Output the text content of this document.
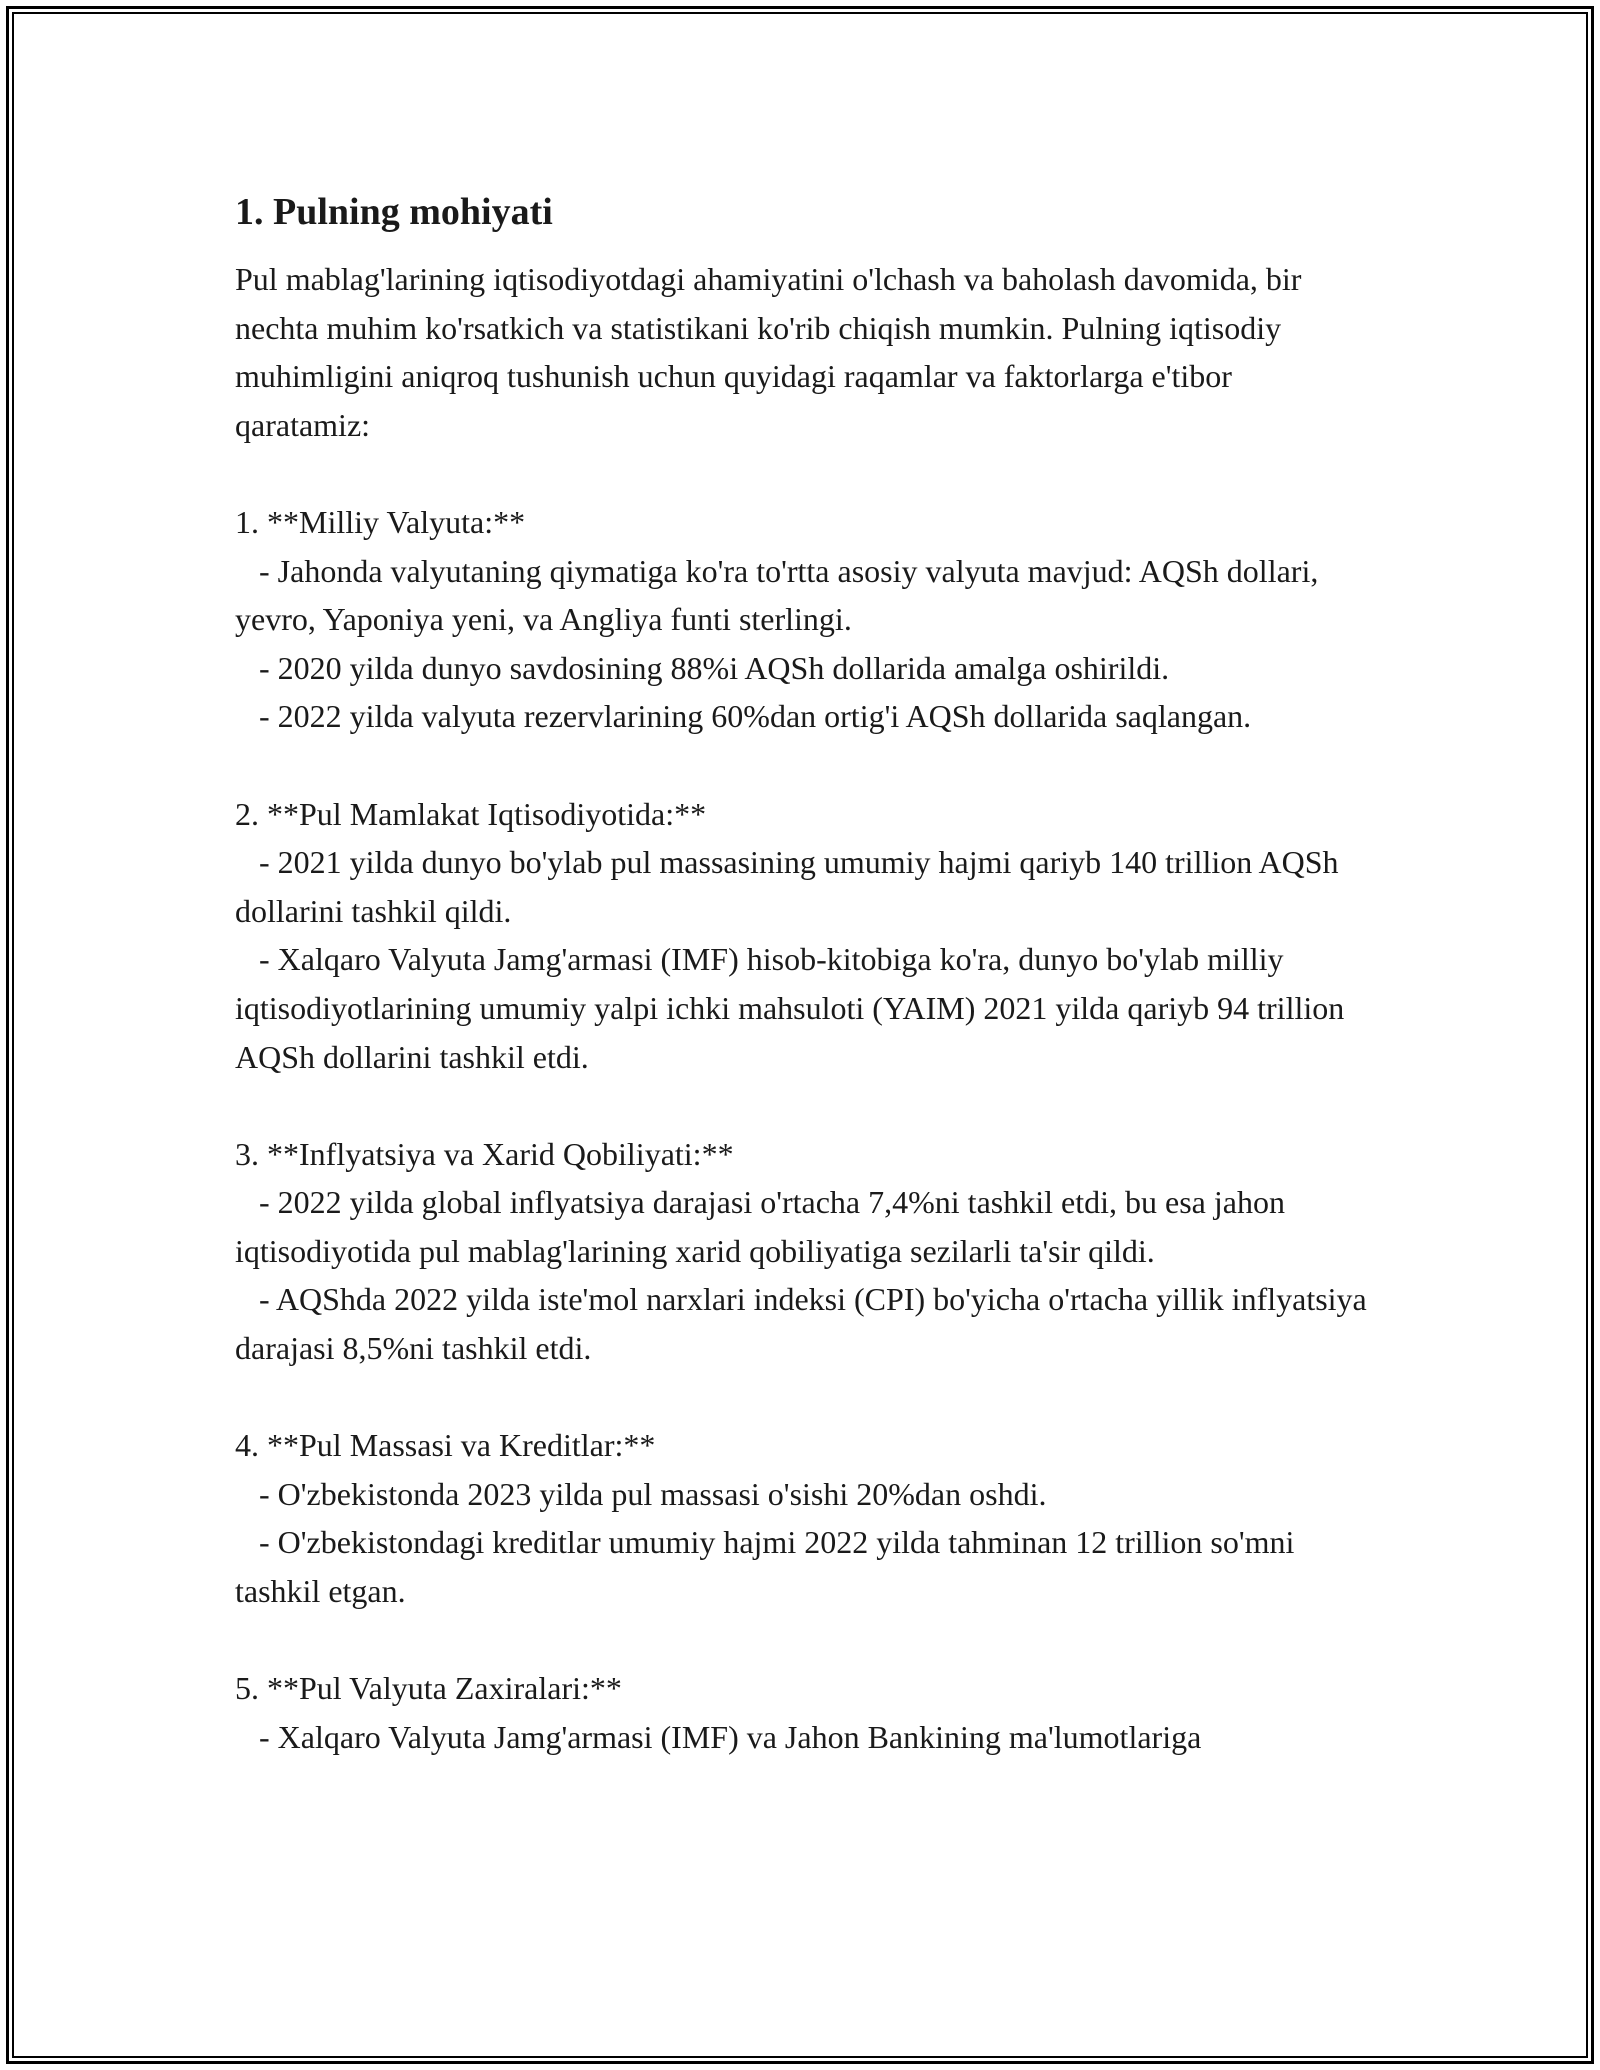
1. Pulning mohiyati

Pul mablag'larining iqtisodiyotdagi ahamiyatini o'lchash va baholash davomida, bir nechta muhim ko'rsatkich va statistikani ko'rib chiqish mumkin. Pulning iqtisodiy muhimligini aniqroq tushunish uchun quyidagi raqamlar va faktorlarga e'tibor qaratamiz:

1. **Milliy Valyuta:**
- Jahonda valyutaning qiymatiga ko'ra to'rtta asosiy valyuta mavjud: AQSh dollari, yevro, Yaponiya yeni, va Angliya funti sterlingi.
- 2020 yilda dunyo savdosining 88%i AQSh dollarida amalga oshirildi.
- 2022 yilda valyuta rezervlarining 60%dan ortig'i AQSh dollarida saqlangan.

2. **Pul Mamlakat Iqtisodiyotida:**
- 2021 yilda dunyo bo'ylab pul massasining umumiy hajmi qariyb 140 trillion AQSh dollarini tashkil qildi.
- Xalqaro Valyuta Jamg'armasi (IMF) hisob-kitobiga ko'ra, dunyo bo'ylab milliy iqtisodiyotlarining umumiy yalpi ichki mahsuloti (YAIM) 2021 yilda qariyb 94 trillion AQSh dollarini tashkil etdi.

3. **Inflyatsiya va Xarid Qobiliyati:**
- 2022 yilda global inflyatsiya darajasi o'rtacha 7,4%ni tashkil etdi, bu esa jahon iqtisodiyotida pul mablag'larining xarid qobiliyatiga sezilarli ta'sir qildi.
- AQShda 2022 yilda iste'mol narxlari indeksi (CPI) bo'yicha o'rtacha yillik inflyatsiya darajasi 8,5%ni tashkil etdi.

4. **Pul Massasi va Kreditlar:**
- O'zbekistonda 2023 yilda pul massasi o'sishi 20%dan oshdi.
- O'zbekistondagi kreditlar umumiy hajmi 2022 yilda tahminan 12 trillion so'mni tashkil etgan.

5. **Pul Valyuta Zaxiralari:**
- Xalqaro Valyuta Jamg'armasi (IMF) va Jahon Bankining ma'lumotlariga
